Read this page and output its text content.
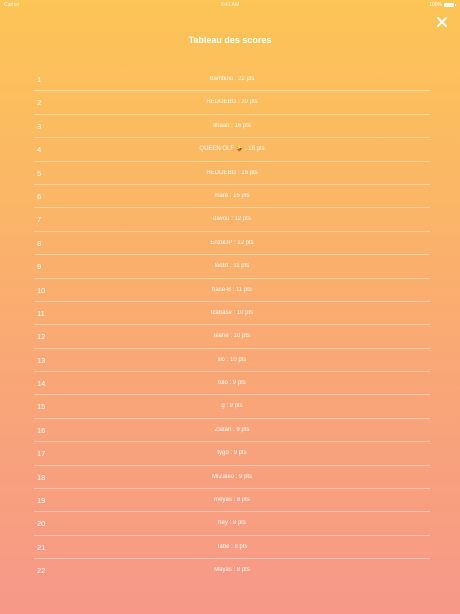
Carrier	9:41 AM	100%
Tableau des scores
1	Bambino : 22 pts
2	HEDIJEBG : 20 pts
3	Ilhaan : 16 pts
4	QUEEN OLF 🤪 : 16 pts
5	HEDIJEBG : 16 pts
6	mare : 15 pts
7	davou : 12 pts
8	EnzoDP : 12 pts
9	leoBI : 11 pts
10	hase-B : 11 pts
11	tcabase : 10 pts
12	leane : 10 pts
13	lilo : 10 pts
14	tolo : 9 pts
15	g : 9 pts
16	Zlatan : 9 pts
17	tygo : 9 pts
18	MrZaleo : 9 pts
19	meyas : 8 pts
20	hey : 8 pts
21	Tabé : 8 pts
22	Mayas : 8 pts
